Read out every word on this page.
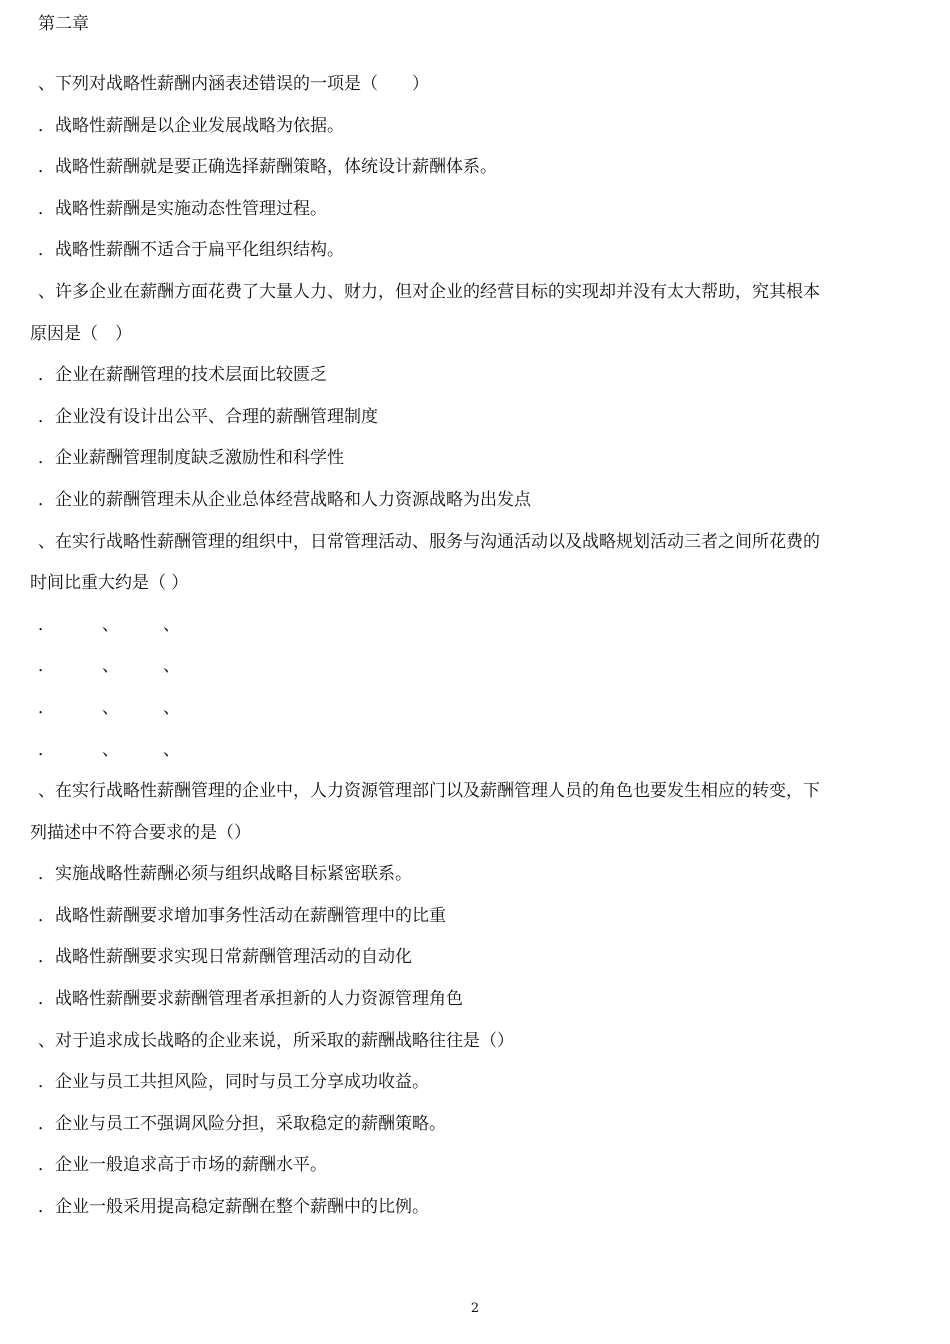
第二章
、下列对战略性薪酬内涵表述错误的一项是（　　）
．战略性薪酬是以企业发展战略为依据。
．战略性薪酬就是要正确选择薪酬策略，体统设计薪酬体系。
．战略性薪酬是实施动态性管理过程。
．战略性薪酬不适合于扁平化组织结构。
、许多企业在薪酬方面花费了大量人力、财力，但对企业的经营目标的实现却并没有太大帮助，究其根本
原因是（　）
．企业在薪酬管理的技术层面比较匮乏
．企业没有设计出公平、合理的薪酬管理制度
．企业薪酬管理制度缺乏激励性和科学性
．企业的薪酬管理未从企业总体经营战略和人力资源战略为出发点
、在实行战略性薪酬管理的组织中，日常管理活动、服务与沟通活动以及战略规划活动三者之间所花费的
时间比重大约是（ ）
．	、	、
．	、	、
．	、	、
．	、	、
、在实行战略性薪酬管理的企业中，人力资源管理部门以及薪酬管理人员的角色也要发生相应的转变，下
列描述中不符合要求的是（）
．实施战略性薪酬必须与组织战略目标紧密联系。
．战略性薪酬要求增加事务性活动在薪酬管理中的比重
．战略性薪酬要求实现日常薪酬管理活动的自动化
．战略性薪酬要求薪酬管理者承担新的人力资源管理角色
、对于追求成长战略的企业来说，所采取的薪酬战略往往是（）
．企业与员工共担风险，同时与员工分享成功收益。
．企业与员工不强调风险分担，采取稳定的薪酬策略。
．企业一般追求高于市场的薪酬水平。
．企业一般采用提高稳定薪酬在整个薪酬中的比例。
2
